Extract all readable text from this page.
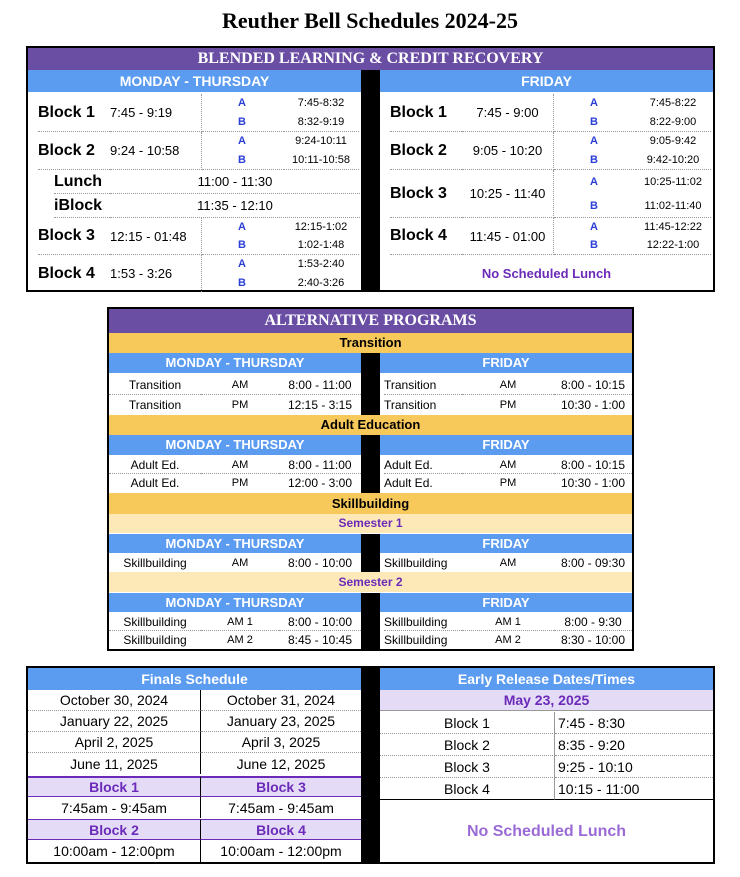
Reuther Bell Schedules 2024-25
BLENDED LEARNING & CREDIT RECOVERY
MONDAY - THURSDAY	FRIDAY
Block 1	7:45 - 9:19
A	7:45-8:32
B	8:32-9:19
Block 2	9:24 - 10:58
A	9:24-10:11
B	10:11-10:58
Lunch	11:00 - 11:30
iBlock	11:35 - 12:10
Block 3	12:15 - 01:48
A	12:15-1:02
B	1:02-1:48
Block 4	1:53 - 3:26
A	1:53-2:40
B	2:40-3:26
Block 1	7:45 - 9:00
A	7:45-8:22
B	8:22-9:00
Block 2	9:05 - 10:20
A	9:05-9:42
B	9:42-10:20
Block 3	10:25 - 11:40
A	10:25-11:02
B	11:02-11:40
Block 4	11:45 - 01:00
A	11:45-12:22
B	12:22-1:00
No Scheduled Lunch
ALTERNATIVE PROGRAMS
Transition
MONDAY - THURSDAY	FRIDAY
Transition	AM	8:00 - 11:00
Transition	PM	12:15 - 3:15
Transition	AM	8:00 - 10:15
Transition	PM	10:30 - 1:00
Adult Education
MONDAY - THURSDAY	FRIDAY
Adult Ed.	AM	8:00 - 11:00
Adult Ed.	PM	12:00 - 3:00
Adult Ed.	AM	8:00 - 10:15
Adult Ed.	PM	10:30 - 1:00
Skillbuilding
Semester 1
MONDAY - THURSDAY	FRIDAY
Skillbuilding	AM	8:00 - 10:00	Skillbuilding	AM	8:00 - 09:30
Semester 2
MONDAY - THURSDAY	FRIDAY
Skillbuilding	AM 1	8:00 - 10:00
Skillbuilding	AM 2	8:45 - 10:45
Skillbuilding	AM 1	8:00 - 9:30
Skillbuilding	AM 2	8:30 - 10:00
Finals Schedule
October 30, 2024	October 31, 2024
January 22, 2025	January 23, 2025
April 2, 2025	April 3, 2025
June 11, 2025	June 12, 2025
Block 1	Block 3
7:45am - 9:45am	7:45am - 9:45am
Block 2	Block 4
10:00am - 12:00pm	10:00am - 12:00pm
Early Release Dates/Times
May 23, 2025
Block 1	7:45 - 8:30
Block 2	8:35 - 9:20
Block 3	9:25 - 10:10
Block 4	10:15 - 11:00
No Scheduled Lunch
